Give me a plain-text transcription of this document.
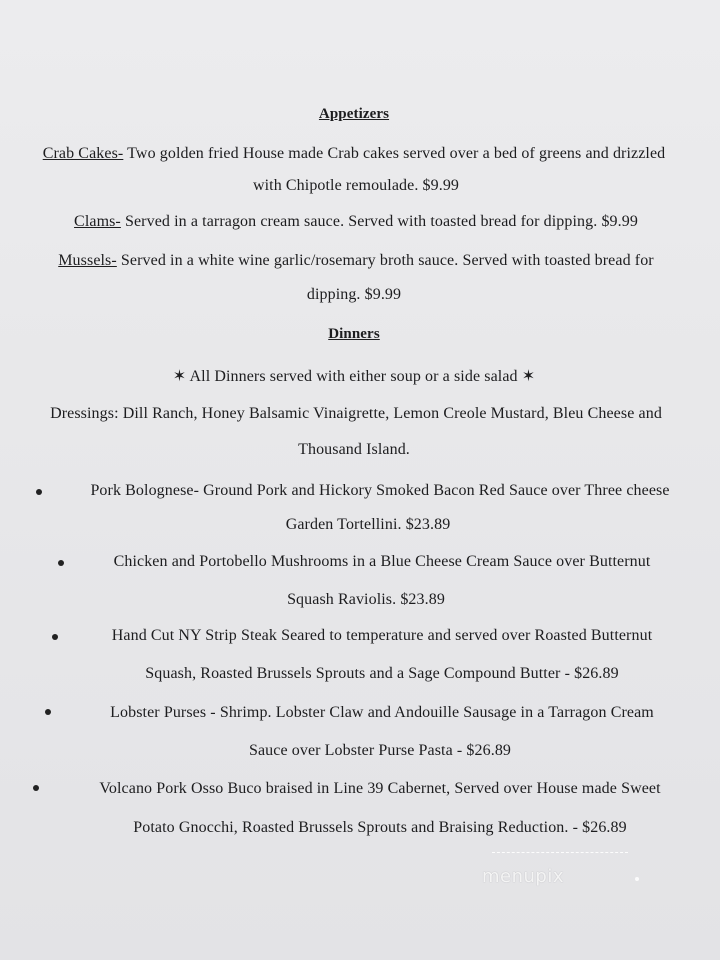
Appetizers
Crab Cakes- Two golden fried House made Crab cakes served over a bed of greens and drizzled
with Chipotle remoulade. $9.99
Clams- Served in a tarragon cream sauce. Served with toasted bread for dipping. $9.99
Mussels- Served in a white wine garlic/rosemary broth sauce. Served with toasted bread for
dipping. $9.99
Dinners
✶ All Dinners served with either soup or a side salad ✶
Dressings: Dill Ranch, Honey Balsamic Vinaigrette, Lemon Creole Mustard, Bleu Cheese and
Thousand Island.
Pork Bolognese- Ground Pork and Hickory Smoked Bacon Red Sauce over Three cheese
Garden Tortellini. $23.89
Chicken and Portobello Mushrooms in a Blue Cheese Cream Sauce over Butternut
Squash Raviolis. $23.89
Hand Cut NY Strip Steak Seared to temperature and served over Roasted Butternut
Squash, Roasted Brussels Sprouts and a Sage Compound Butter - $26.89
Lobster Purses - Shrimp. Lobster Claw and Andouille Sausage in a Tarragon Cream
Sauce over Lobster Purse Pasta - $26.89
Volcano Pork Osso Buco braised in Line 39 Cabernet, Served over House made Sweet
Potato Gnocchi, Roasted Brussels Sprouts and Braising Reduction. - $26.89
menupix
